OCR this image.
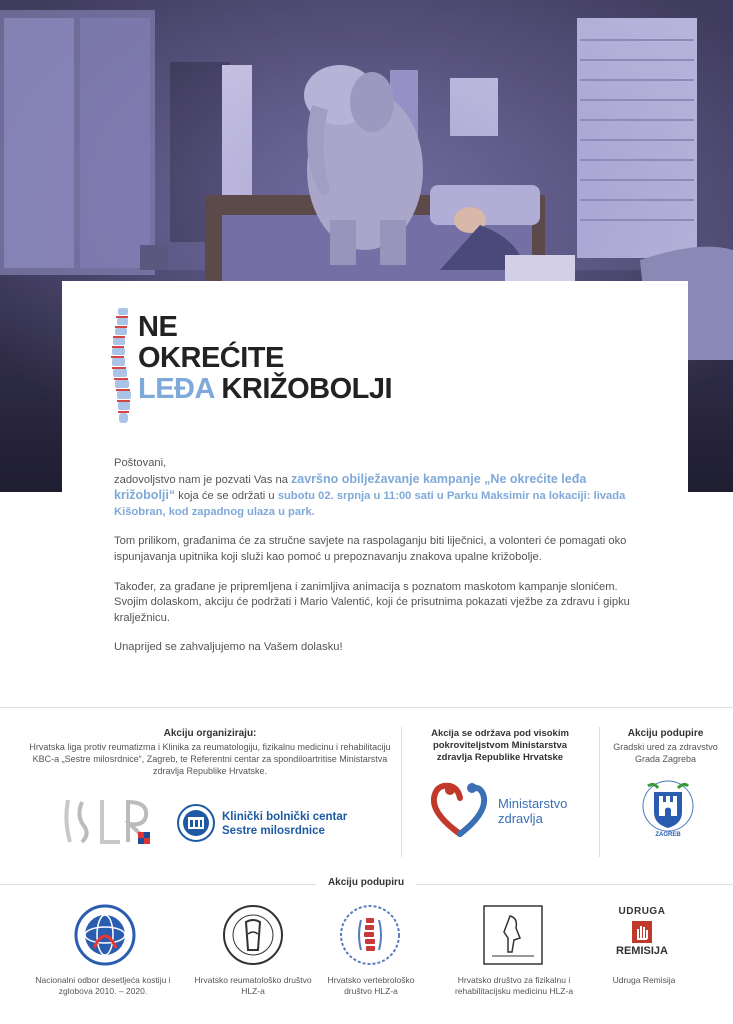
NE
OKREĆITE
LEĐA KRIŽOBOLJI

Poštovani,
zadovoljstvo nam je pozvati Vas na završno obilježavanje kampanje „Ne okrećite leđa križobolji“ koja će se održati u subotu 02. srpnja u 11:00 sati u Parku Maksimir na lokaciji: livada Kišobran, kod zapadnog ulaza u park.

Tom prilikom, građanima će za stručne savjete na raspolaganju biti liječnici, a volonteri će pomagati oko ispunjavanja upitnika koji služi kao pomoć u prepoznavanju znakova upalne križobolje.

Također, za građane je pripremljena i zanimljiva animacija s poznatom maskotom kampanje slonićem. Svojim dolaskom, akciju će podržati i Mario Valentić, koji će prisutnima pokazati vježbe za zdravu i gipku kralježnicu.

Unaprijed se zahvaljujemo na Vašem dolasku!

Akciju organiziraju:
Hrvatska liga protiv reumatizma i Klinika za reumatologiju, fizikalnu medicinu i rehabilitaciju KBC-a „Sestre milosrdnice“, Zagreb, te Referentni centar za spondiloartritise Ministarstva zdravlja Republike Hrvatske.
Klinički bolnički centar
Sestre milosrdnice
Akcija se održava pod visokim pokroviteljstvom Ministarstva zdravlja Republike Hrvatske
Ministarstvo
zdravlja
Akciju podupire
Gradski ured za zdravstvo Grada Zagreba
ZAGREB
Akciju podupiru
Nacionalni odbor desetljeća kostiju i zglobova 2010. – 2020.
Hrvatsko reumatološko društvo HLZ-a
Hrvatsko vertebrološko društvo HLZ-a
Hrvatsko društvo za fizikalnu i rehabilitacijsku medicinu HLZ-a
UDRUGA
REMISIJA
Udruga Remisija
